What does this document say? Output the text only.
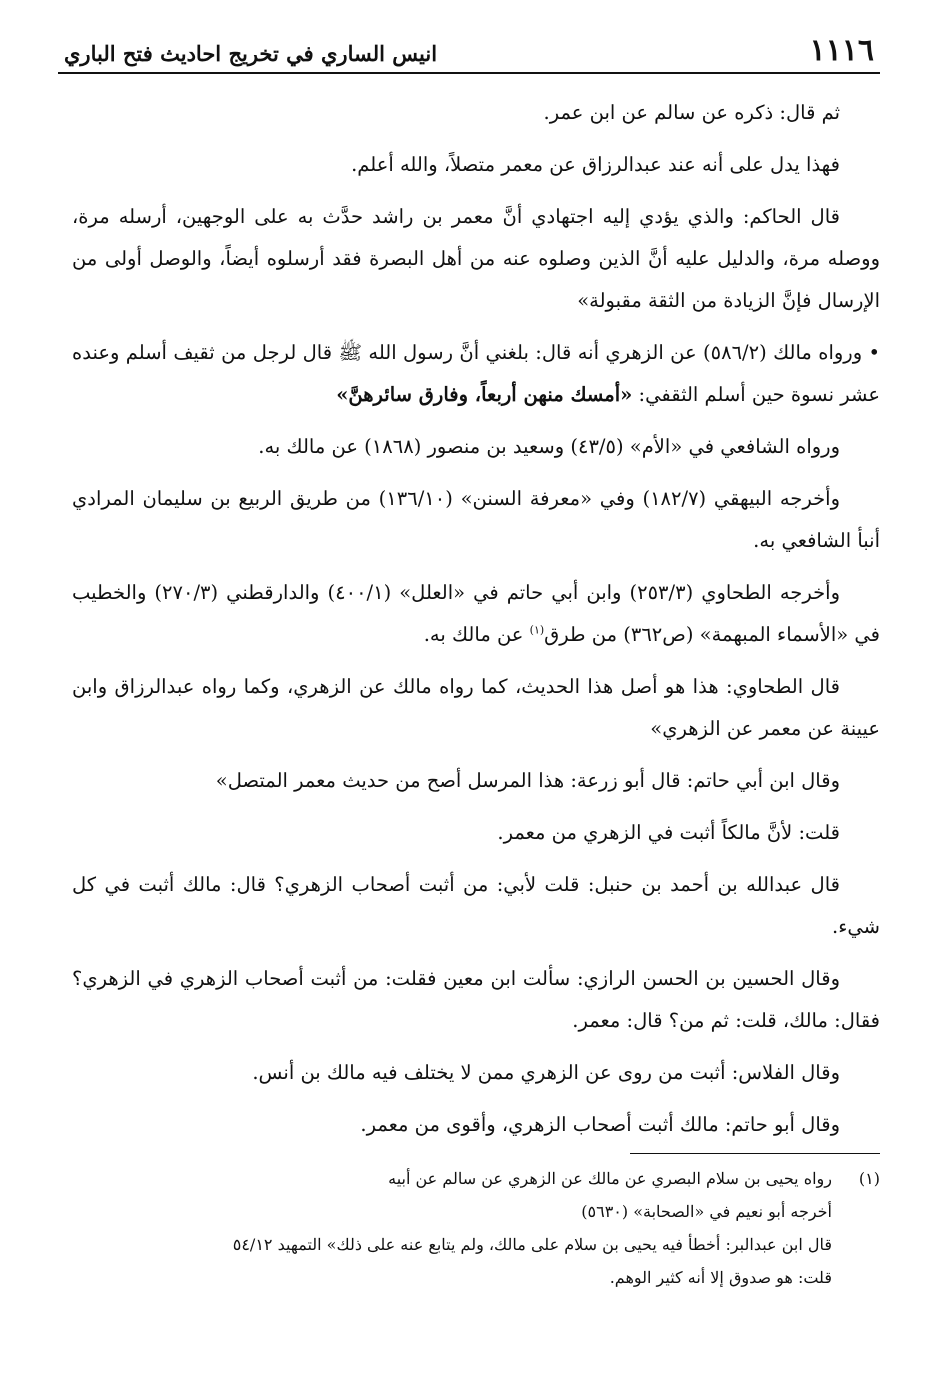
١١١٦
انيس الساري في تخريج احاديث فتح الباري

ثم قال: ذكره عن سالم عن ابن عمر.

فهذا يدل على أنه عند عبدالرزاق عن معمر متصلاً، والله أعلم.

قال الحاكم: والذي يؤدي إليه اجتهادي أنَّ معمر بن راشد حدَّث به على الوجهين، أرسله مرة، ووصله مرة، والدليل عليه أنَّ الذين وصلوه عنه من أهل البصرة فقد أرسلوه أيضاً، والوصل أولى من الإرسال فإنَّ الزيادة من الثقة مقبولة»

• ورواه مالك (٥٨٦/٢) عن الزهري أنه قال: بلغني أنَّ رسول الله ﷺ قال لرجل من ثقيف أسلم وعنده عشر نسوة حين أسلم الثقفي: «أمسك منهن أربعاً، وفارق سائرهنَّ»

ورواه الشافعي في «الأم» (٤٣/٥) وسعيد بن منصور (١٨٦٨) عن مالك به.

وأخرجه البيهقي (١٨٢/٧) وفي «معرفة السنن» (١٣٦/١٠) من طريق الربيع بن سليمان المرادي أنبأ الشافعي به.

وأخرجه الطحاوي (٢٥٣/٣) وابن أبي حاتم في «العلل» (٤٠٠/١) والدارقطني (٢٧٠/٣) والخطيب في «الأسماء المبهمة» (ص٣٦٢) من طرق$^{(١)}$ عن مالك به.

قال الطحاوي: هذا هو أصل هذا الحديث، كما رواه مالك عن الزهري، وكما رواه عبدالرزاق وابن عيينة عن معمر عن الزهري»

وقال ابن أبي حاتم: قال أبو زرعة: هذا المرسل أصح من حديث معمر المتصل»

قلت: لأنَّ مالكاً أثبت في الزهري من معمر.

قال عبدالله بن أحمد بن حنبل: قلت لأبي: من أثبت أصحاب الزهري؟ قال: مالك أثبت في كل شيء.

وقال الحسين بن الحسن الرازي: سألت ابن معين فقلت: من أثبت أصحاب الزهري في الزهري؟ فقال: مالك، قلت: ثم من؟ قال: معمر.

وقال الفلاس: أثبت من روى عن الزهري ممن لا يختلف فيه مالك بن أنس.

وقال أبو حاتم: مالك أثبت أصحاب الزهري، وأقوى من معمر.

(١)
رواه يحيى بن سلام البصري عن مالك عن الزهري عن سالم عن أبيه
أخرجه أبو نعيم في «الصحابة» (٥٦٣٠)
قال ابن عبدالبر: أخطأ فيه يحيى بن سلام على مالك، ولم يتابع عنه على ذلك» التمهيد ٥٤/١٢
قلت: هو صدوق إلا أنه كثير الوهم.
